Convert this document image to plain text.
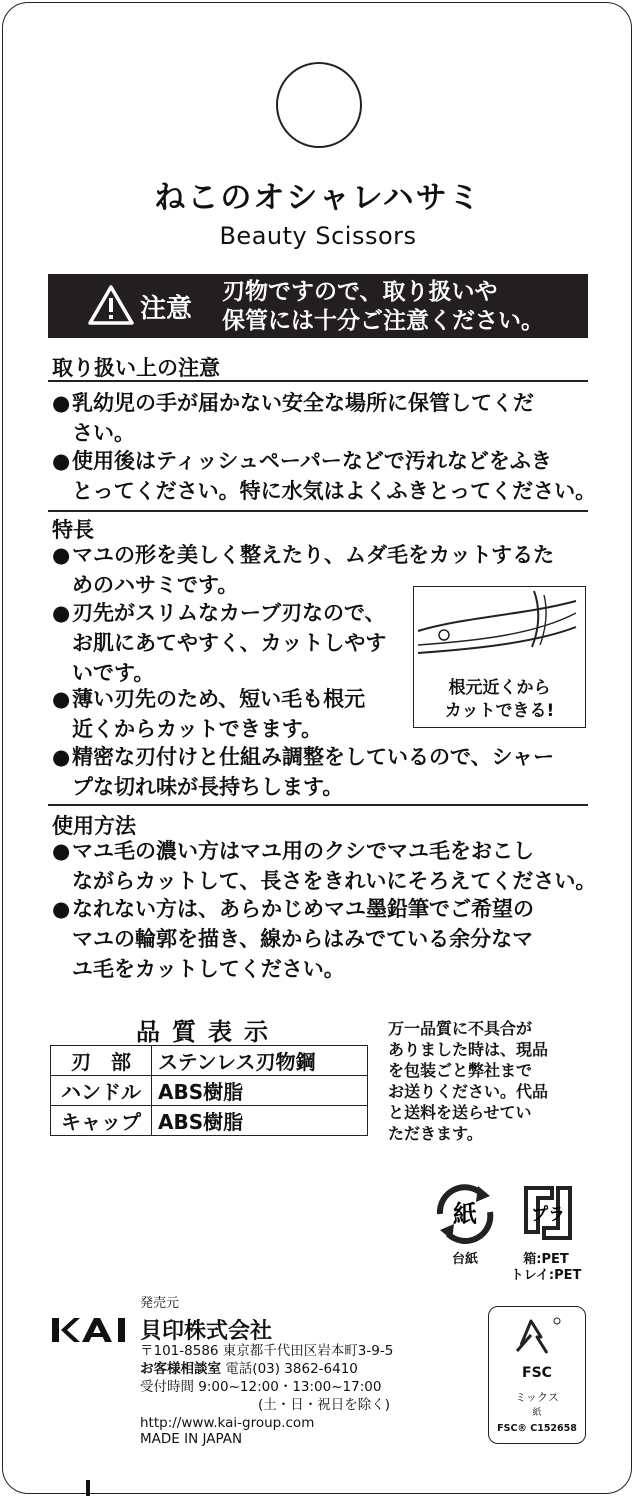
ねこのオシャレハサミ
Beauty Scissors
注意
刃物ですので、取り扱いや
保管には十分ご注意ください。
取り扱い上の注意
●乳幼児の手が届かない安全な場所に保管してくだ
さい。
●使用後はティッシュペーパーなどで汚れなどをふき
とってください。特に水気はよくふきとってください。
特長
●マユの形を美しく整えたり、ムダ毛をカットするた
めのハサミです。
●刃先がスリムなカーブ刃なので、
お肌にあてやすく、カットしやす
いです。
●薄い刃先のため、短い毛も根元
近くからカットできます。
●精密な刃付けと仕組み調整をしているので、シャー
プな切れ味が長持ちします。
根元近くから
カットできる!
使用方法
●マユ毛の濃い方はマユ用のクシでマユ毛をおこし
ながらカットして、長さをきれいにそろえてください。
●なれない方は、あらかじめマユ墨鉛筆でご希望の
マユの輪郭を描き、線からはみでている余分なマ
ユ毛をカットしてください。
品質表示
刃　部	ステンレス刃物鋼
ハンドル	ABS樹脂
キャップ	ABS樹脂
万一品質に不具合が
ありました時は、現品
を包装ごと弊社まで
お送りください。代品
と送料を送らせてい
ただきます。
紙
台紙
プラ
箱:PET
トレイ:PET
発売元
貝印株式会社
〒101-8586 東京都千代田区岩本町3-9-5
お客様相談室 電話(03) 3862-6410
受付時間 9:00~12:00・13:00~17:00
(土・日・祝日を除く)
http://www.kai-group.com
MADE IN JAPAN
FSC
ミックス
紙
FSC® C152658
